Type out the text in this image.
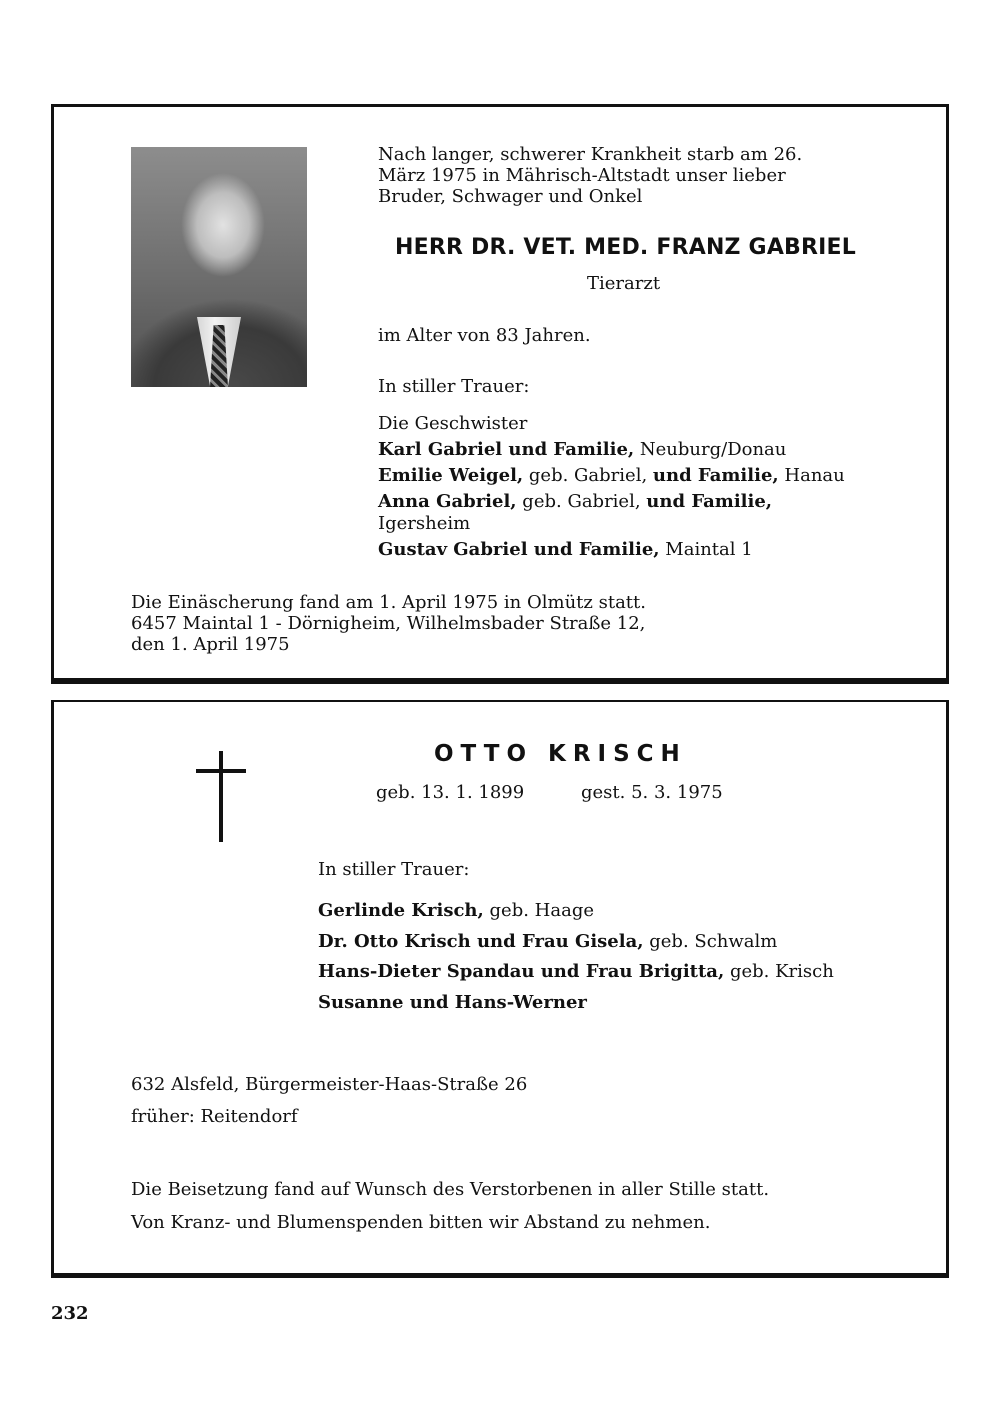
Nach langer, schwerer Krankheit starb am 26.
März 1975 in Mährisch-Altstadt unser lieber
Bruder, Schwager und Onkel
HERR DR. VET. MED. FRANZ GABRIEL
Tierarzt
im Alter von 83 Jahren.
In stiller Trauer:
Die Geschwister
Karl Gabriel und Familie, Neuburg/Donau
Emilie Weigel, geb. Gabriel, und Familie, Hanau
Anna Gabriel, geb. Gabriel, und Familie,
Igersheim
Gustav Gabriel und Familie, Maintal 1
Die Einäscherung fand am 1. April 1975 in Olmütz statt.
6457 Maintal 1 - Dörnigheim, Wilhelmsbader Straße 12,
den 1. April 1975
OTTO KRISCH
geb. 13. 1. 1899	gest. 5. 3. 1975
In stiller Trauer:
Gerlinde Krisch, geb. Haage
Dr. Otto Krisch und Frau Gisela, geb. Schwalm
Hans-Dieter Spandau und Frau Brigitta, geb. Krisch
Susanne und Hans-Werner
632 Alsfeld, Bürgermeister-Haas-Straße 26
früher: Reitendorf
Die Beisetzung fand auf Wunsch des Verstorbenen in aller Stille statt.
Von Kranz- und Blumenspenden bitten wir Abstand zu nehmen.
232
